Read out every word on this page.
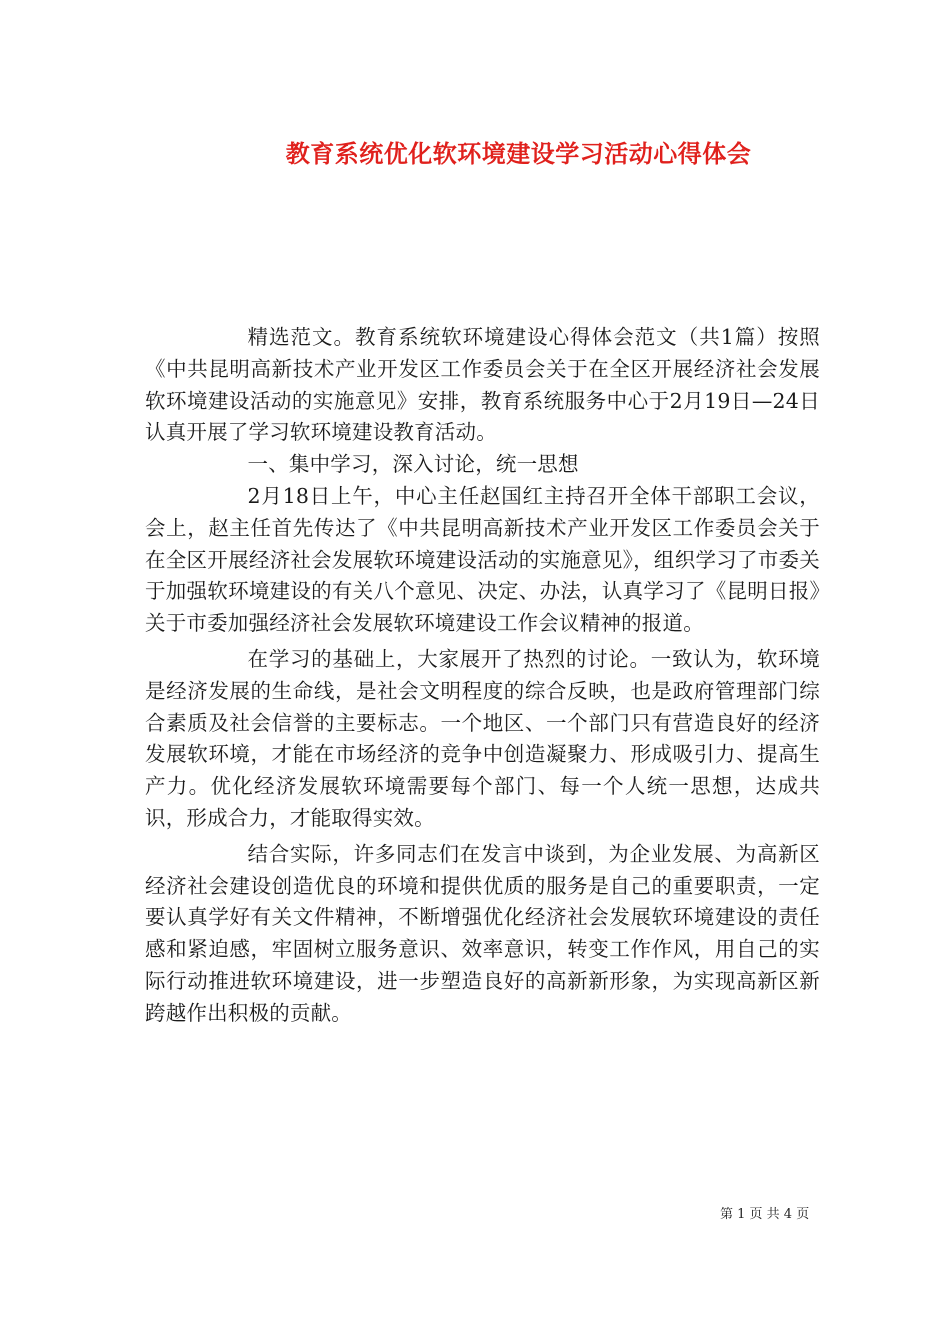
教育系统优化软环境建设学习活动心得体会

精选范文。教育系统软环境建设心得体会范文（共1篇）按照《中共昆明高新技术产业开发区工作委员会关于在全区开展经济社会发展软环境建设活动的实施意见》安排，教育系统服务中心于2月19日—24日认真开展了学习软环境建设教育活动。

一、集中学习，深入讨论，统一思想

2月18日上午，中心主任赵国红主持召开全体干部职工会议，会上，赵主任首先传达了《中共昆明高新技术产业开发区工作委员会关于在全区开展经济社会发展软环境建设活动的实施意见》，组织学习了市委关于加强软环境建设的有关八个意见、决定、办法，认真学习了《昆明日报》关于市委加强经济社会发展软环境建设工作会议精神的报道。

在学习的基础上，大家展开了热烈的讨论。一致认为，软环境是经济发展的生命线，是社会文明程度的综合反映，也是政府管理部门综合素质及社会信誉的主要标志。一个地区、一个部门只有营造良好的经济发展软环境，才能在市场经济的竞争中创造凝聚力、形成吸引力、提高生产力。优化经济发展软环境需要每个部门、每一个人统一思想，达成共识，形成合力，才能取得实效。

结合实际，许多同志们在发言中谈到，为企业发展、为高新区经济社会建设创造优良的环境和提供优质的服务是自己的重要职责，一定要认真学好有关文件精神，不断增强优化经济社会发展软环境建设的责任感和紧迫感，牢固树立服务意识、效率意识，转变工作作风，用自己的实际行动推进软环境建设，进一步塑造良好的高新新形象，为实现高新区新跨越作出积极的贡献。

第 1 页 共 4 页
